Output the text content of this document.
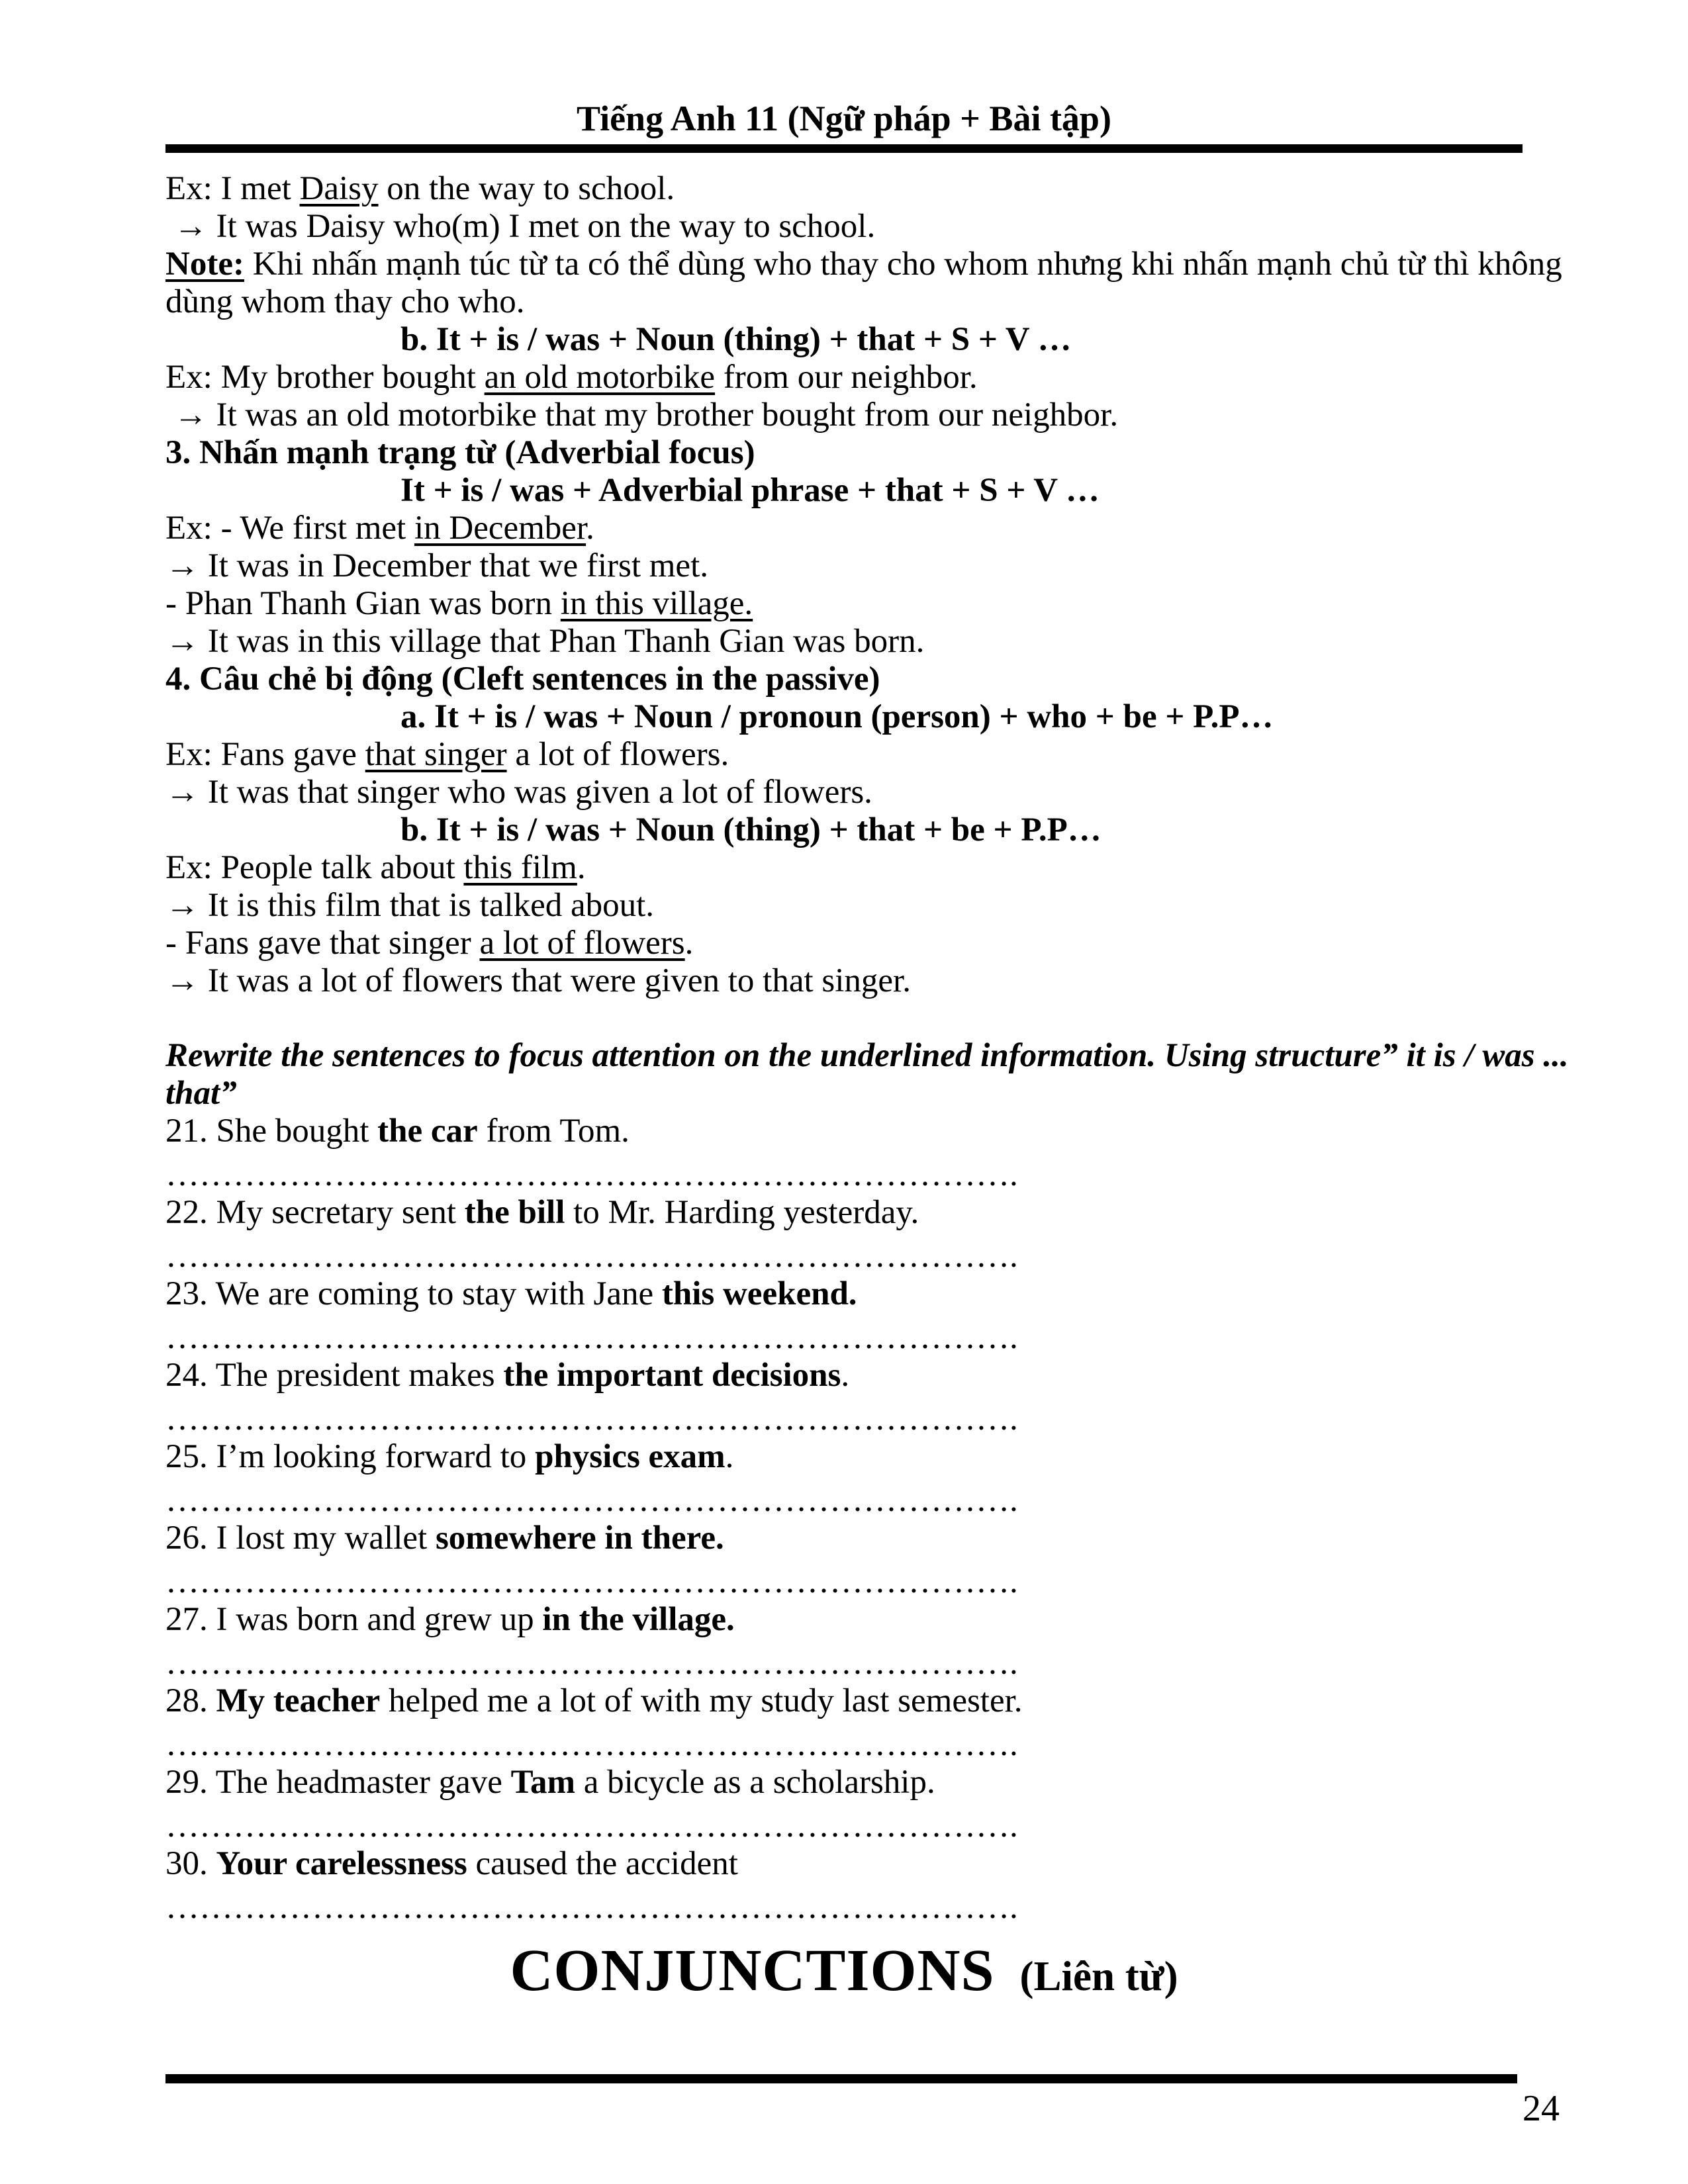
Tiếng Anh 11 (Ngữ pháp + Bài tập)

Ex: I met Daisy on the way to school.

→ It was Daisy who(m) I met on the way to school.

Note: Khi nhấn mạnh túc từ ta có thể dùng who thay cho whom nhưng khi nhấn mạnh chủ từ thì không

dùng whom thay cho who.

b. It + is / was + Noun (thing) + that + S + V …

Ex: My brother bought an old motorbike from our neighbor.

→ It was an old motorbike that my brother bought from our neighbor.

3. Nhấn mạnh trạng từ (Adverbial focus)

It + is / was + Adverbial phrase + that + S + V …

Ex: - We first met in December.

→ It was in December that we first met.

- Phan Thanh Gian was born in this village.

→ It was in this village that Phan Thanh Gian was born.

4. Câu chẻ bị động (Cleft sentences in the passive)

a. It + is / was + Noun / pronoun (person) + who + be + P.P…

Ex: Fans gave that singer a lot of flowers.

→ It was that singer who was given a lot of flowers.

b. It + is / was + Noun (thing) + that + be + P.P…

Ex: People talk about this film.

→ It is this film that is talked about.

- Fans gave that singer a lot of flowers.

→ It was a lot of flowers that were given to that singer.

Rewrite the sentences to focus attention on the underlined information. Using structure” it is / was ...

that”

21. She bought the car from Tom.

………………………………………………………………….

22. My secretary sent the bill to Mr. Harding yesterday.

………………………………………………………………….

23. We are coming to stay with Jane this weekend.

………………………………………………………………….

24. The president makes the important decisions.

………………………………………………………………….

25. I’m looking forward to physics exam.

………………………………………………………………….

26. I lost my wallet somewhere in there.

………………………………………………………………….

27. I was born and grew up in the village.

………………………………………………………………….

28. My teacher helped me a lot of with my study last semester.

………………………………………………………………….

29. The headmaster gave Tam a bicycle as a scholarship.

………………………………………………………………….

30. Your carelessness caused the accident

………………………………………………………………….

CONJUNCTIONS (Liên từ)
24
